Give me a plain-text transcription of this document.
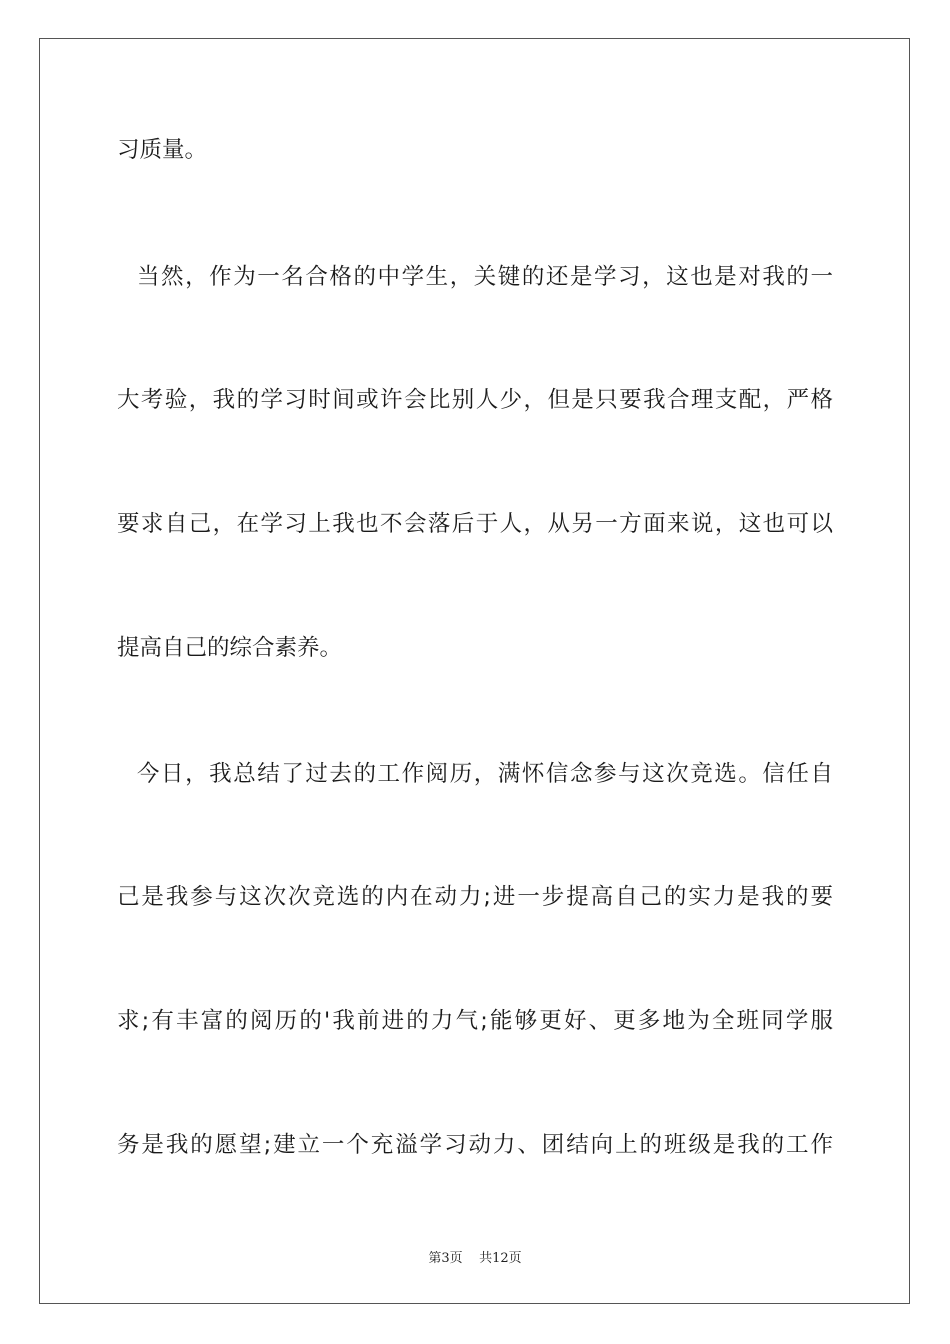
习质量。
当然，作为一名合格的中学生，关键的还是学习，这也是对我的一
大考验，我的学习时间或许会比别人少，但是只要我合理支配，严格
要求自己，在学习上我也不会落后于人，从另一方面来说，这也可以
提高自己的综合素养。
今日，我总结了过去的工作阅历，满怀信念参与这次竞选。信任自
己是我参与这次次竞选的内在动力;进一步提高自己的实力是我的要
求;有丰富的阅历的'我前进的力气;能够更好、更多地为全班同学服
务是我的愿望;建立一个充溢学习动力、团结向上的班级是我的工作
第3页 共12页
